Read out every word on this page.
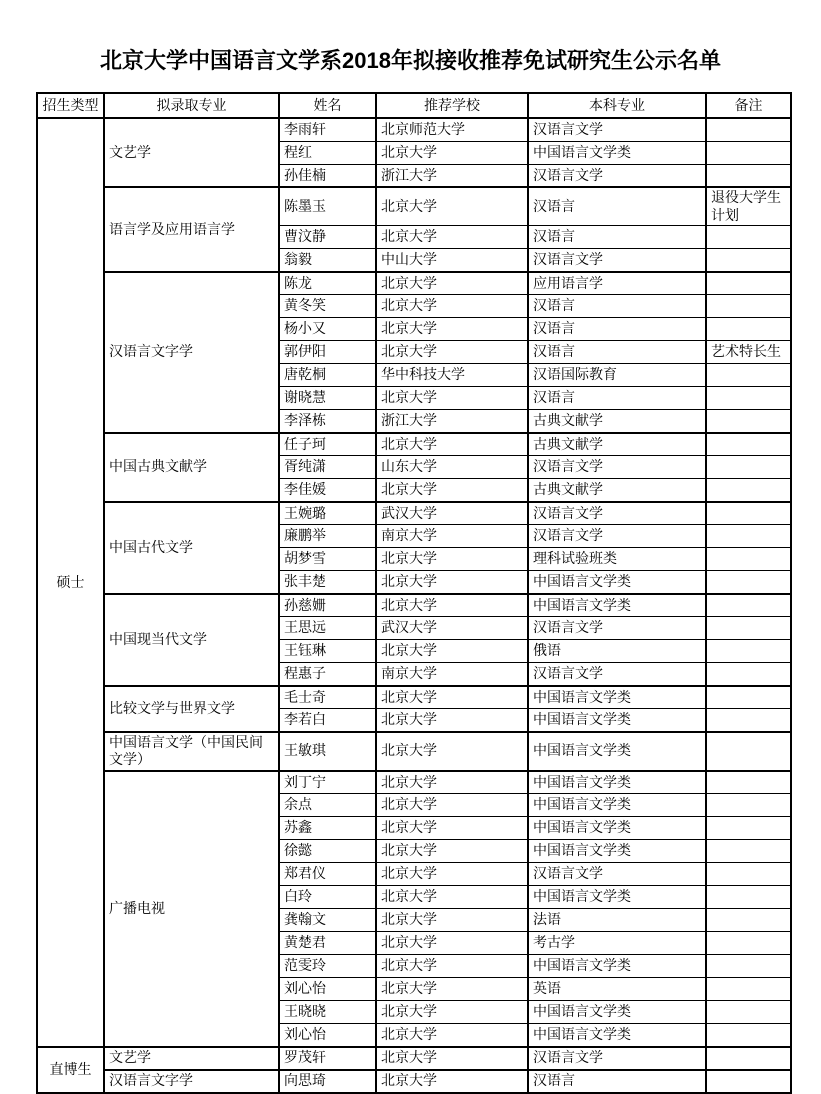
北京大学中国语言文学系2018年拟接收推荐免试研究生公示名单
招生类型	拟录取专业	姓名	推荐学校	本科专业	备注
硕士	文艺学	李雨轩	北京师范大学	汉语言文学	
		程红	北京大学	中国语言文学类	
		孙佳楠	浙江大学	汉语言文学	
	语言学及应用语言学	陈墨玉	北京大学	汉语言	退役大学生计划
		曹汶静	北京大学	汉语言	
		翁毅	中山大学	汉语言文学	
	汉语言文字学	陈龙	北京大学	应用语言学	
		黄冬笑	北京大学	汉语言	
		杨小又	北京大学	汉语言	
		郭伊阳	北京大学	汉语言	艺术特长生
		唐乾桐	华中科技大学	汉语国际教育	
		谢晓慧	北京大学	汉语言	
		李泽栋	浙江大学	古典文献学	
	中国古典文献学	任子珂	北京大学	古典文献学	
		胥纯潇	山东大学	汉语言文学	
		李佳媛	北京大学	古典文献学	
	中国古代文学	王婉璐	武汉大学	汉语言文学	
		廉鹏举	南京大学	汉语言文学	
		胡梦雪	北京大学	理科试验班类	
		张丰楚	北京大学	中国语言文学类	
	中国现当代文学	孙慈姗	北京大学	中国语言文学类	
		王思远	武汉大学	汉语言文学	
		王钰琳	北京大学	俄语	
		程惠子	南京大学	汉语言文学	
	比较文学与世界文学	毛士奇	北京大学	中国语言文学类	
		李若白	北京大学	中国语言文学类	
	中国语言文学（中国民间文学）	王敏琪	北京大学	中国语言文学类	
	广播电视	刘丁宁	北京大学	中国语言文学类	
		余点	北京大学	中国语言文学类	
		苏鑫	北京大学	中国语言文学类	
		徐懿	北京大学	中国语言文学类	
		郑君仪	北京大学	汉语言文学	
		白玲	北京大学	中国语言文学类	
		龚翰文	北京大学	法语	
		黄楚君	北京大学	考古学	
		范雯玲	北京大学	中国语言文学类	
		刘心怡	北京大学	英语	
		王晓晓	北京大学	中国语言文学类	
		刘心怡	北京大学	中国语言文学类	
直博生	文艺学	罗茂轩	北京大学	汉语言文学	
	汉语言文字学	向思琦	北京大学	汉语言	
